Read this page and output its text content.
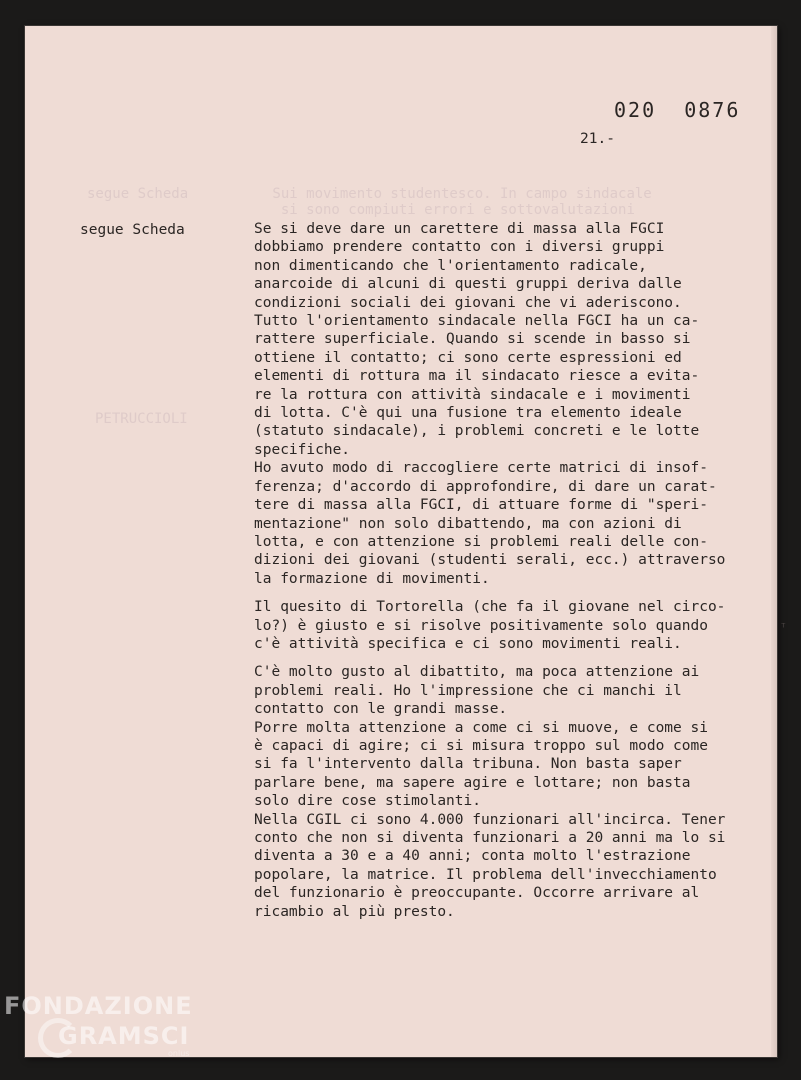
segue Scheda          Sui movimento studentesco. In campo sindacale
si sono compiuti errori e sottovalutazioni
PETRUCCIOLI
020  0876
21.-
segue Scheda	Se si deve dare un carettere di massa alla FGCI
dobbiamo prendere contatto con i diversi gruppi
non dimenticando che l'orientamento radicale,
anarcoide di alcuni di questi gruppi deriva dalle
condizioni sociali dei giovani che vi aderiscono.
Tutto l'orientamento sindacale nella FGCI ha un ca-
rattere superficiale. Quando si scende in basso si
ottiene il contatto; ci sono certe espressioni ed
elementi di rottura ma il sindacato riesce a evita-
re la rottura con attività sindacale e i movimenti
di lotta. C'è qui una fusione tra elemento ideale
(statuto sindacale), i problemi concreti e le lotte
specifiche.
Ho avuto modo di raccogliere certe matrici di insof-
ferenza; d'accordo di approfondire, di dare un carat-
tere di massa alla FGCI, di attuare forme di "speri-
mentazione" non solo dibattendo, ma con azioni di
lotta, e con attenzione si problemi reali delle con-
dizioni dei giovani (studenti serali, ecc.) attraverso
la formazione di movimenti.
Il quesito di Tortorella (che fa il giovane nel circo-
lo?) è giusto e si risolve positivamente solo quando
c'è attività specifica e ci sono movimenti reali.
C'è molto gusto al dibattito, ma poca attenzione ai
problemi reali. Ho l'impressione che ci manchi il
contatto con le grandi masse.
Porre molta attenzione a come ci si muove, e come si
è capaci di agire; ci si misura troppo sul modo come
si fa l'intervento dalla tribuna. Non basta saper
parlare bene, ma sapere agire e lottare; non basta
solo dire cose stimolanti.
Nella CGIL ci sono 4.000 funzionari all'incirca. Tener
conto che non si diventa funzionari a 20 anni ma lo si
diventa a 30 e a 40 anni; conta molto l'estrazione
popolare, la matrice. Il problema dell'invecchiamento
del funzionario è preoccupante. Occorre arrivare al
ricambio al più presto.
ᵀ
FONDAZIONE
GRAMSCI
onlus
